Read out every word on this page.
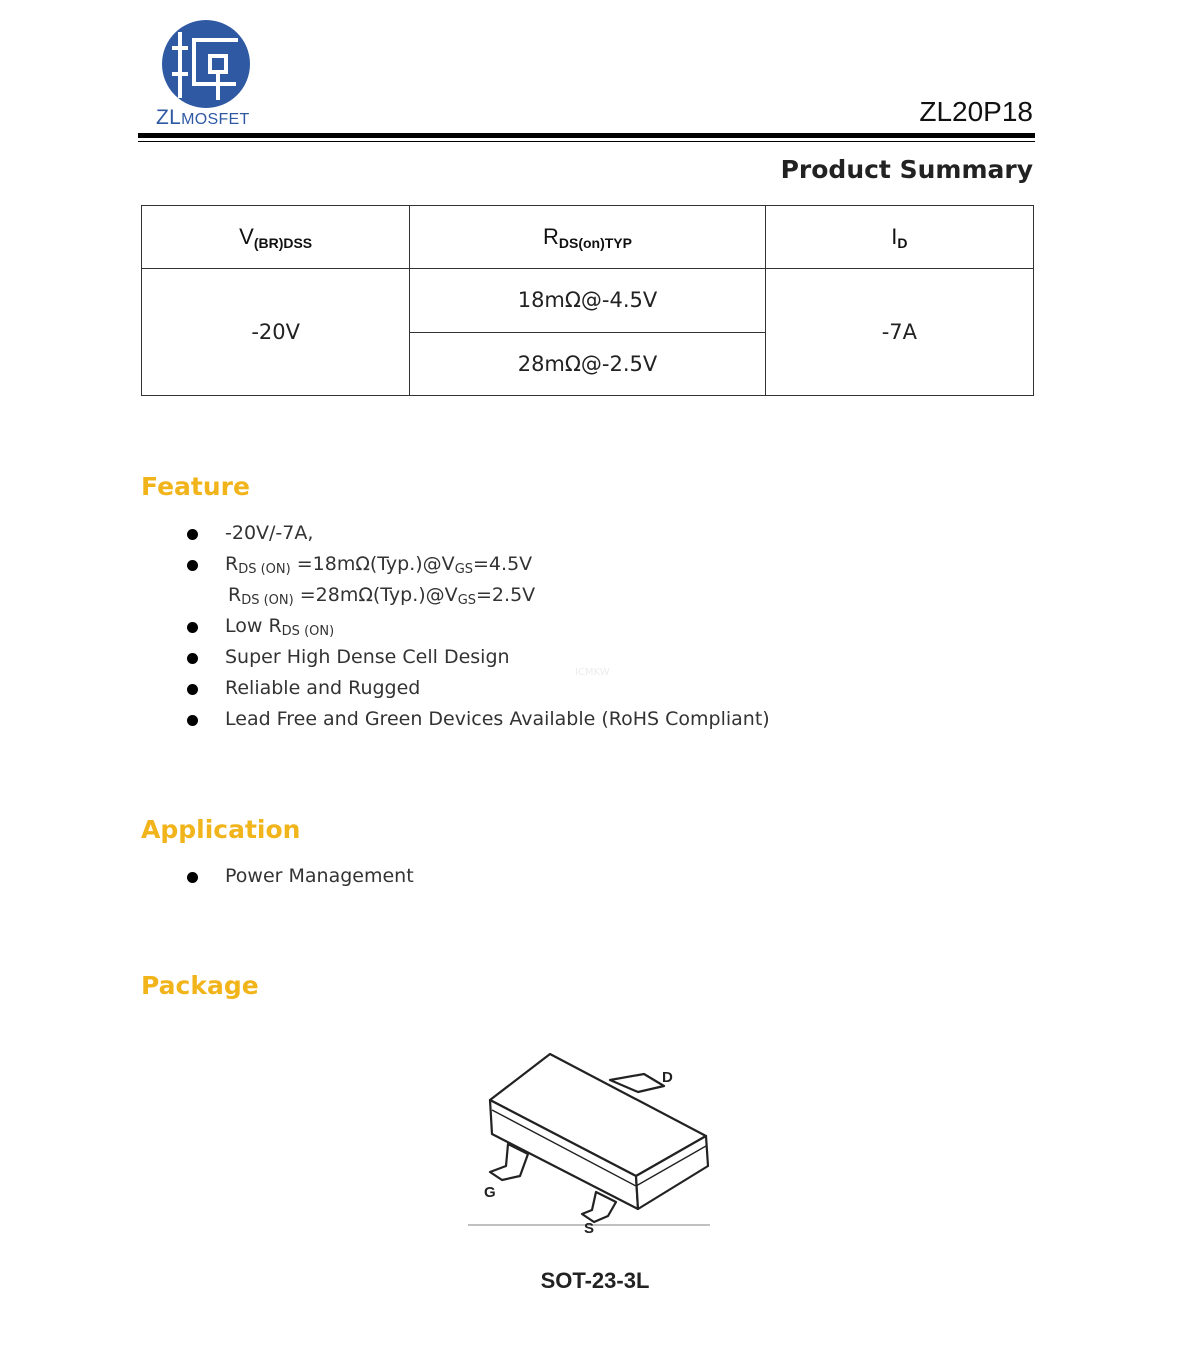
ZLMOSFET	ZL20P18
Product Summary
$V_{(BR)DSS}$	$R_{DS(on)TYP}$	$I_D$
-20V	18mΩ@-4.5V	-7A
	28mΩ@-2.5V	
Feature
-20V/-7A,
$R_{DS (ON)}$ $=18m\Omega(Typ.)@V_{GS}=4.5V$
$R_{DS (ON)}$ $=28m\Omega(Typ.)@V_{GS}=2.5V$
Low $R_{DS (ON)}$
Super High Dense Cell Design
Reliable and Rugged
Lead Free and Green Devices Available (RoHS Compliant)
ICMKW
Application
Power Management
Package
D
G
S
SOT-23-3L
